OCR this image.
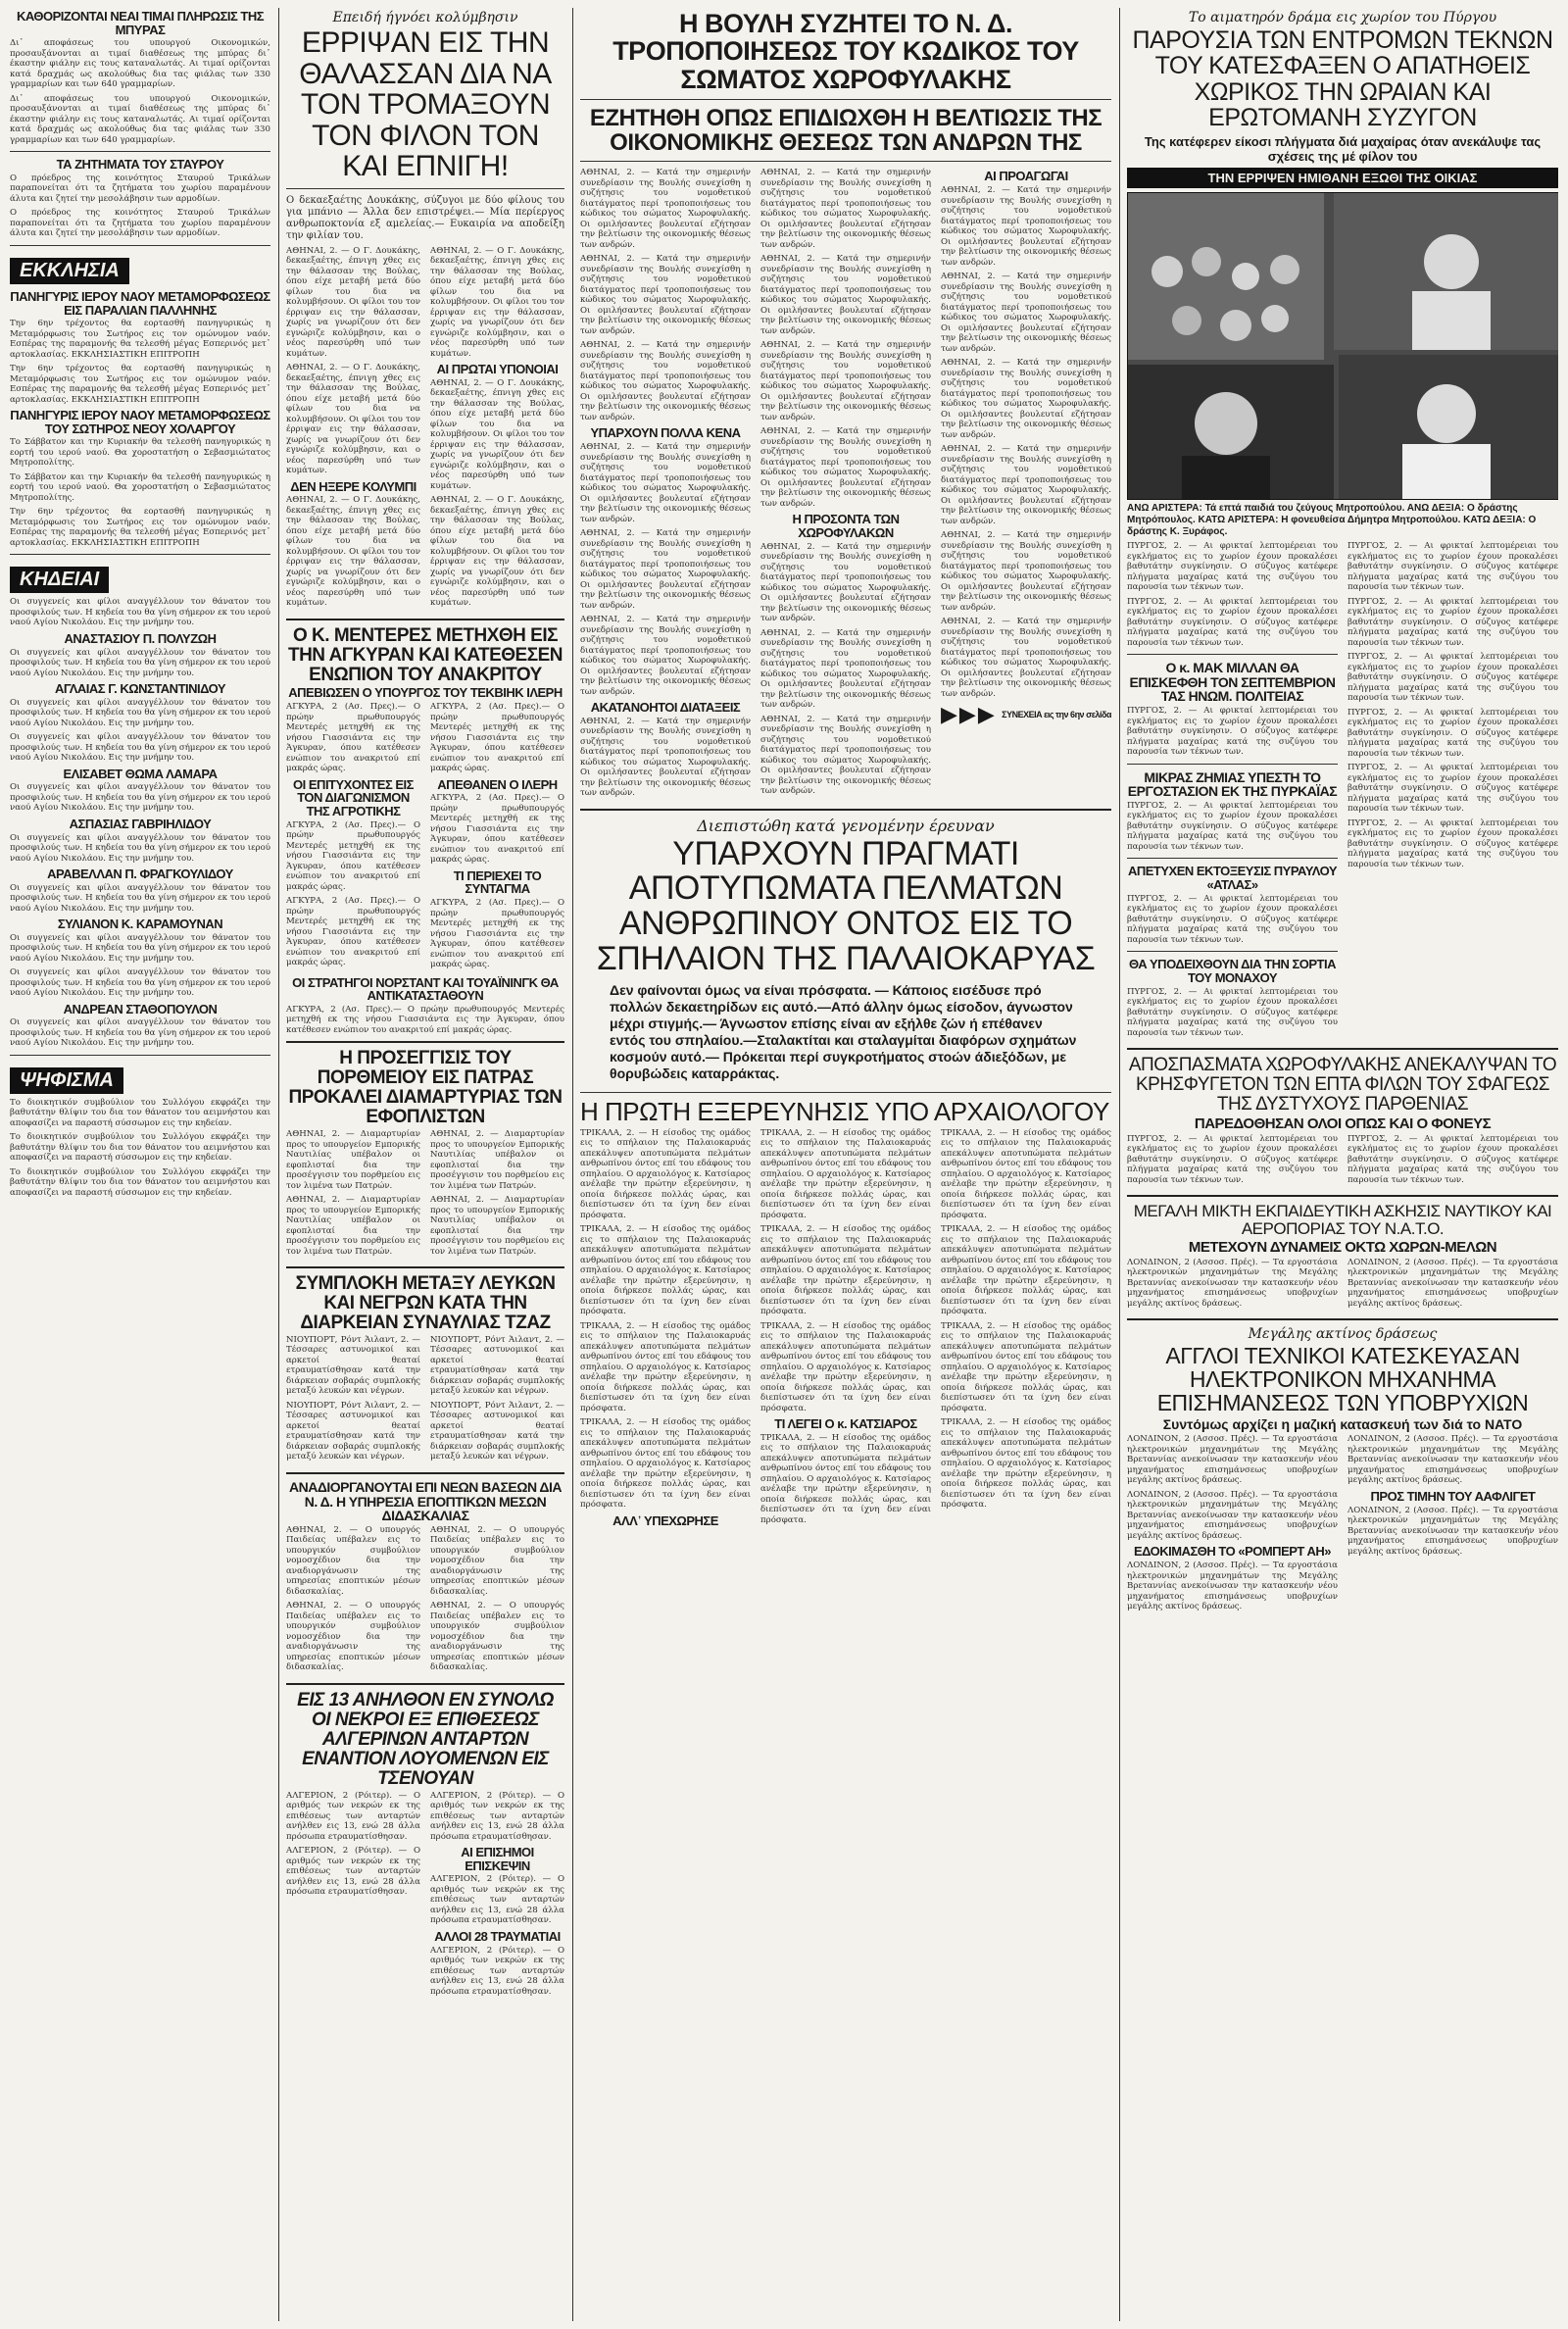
ΚΑΘΟΡΙΖΟΝΤΑΙ ΝΕΑΙ ΤΙΜΑΙ ΠΛΗΡΩΣΙΣ ΤΗΣ ΜΠΥΡΑΣ

Δι᾽ αποφάσεως του υπουργού Οικονομικών, προσαυξάνονται αι τιμαί διαθέσεως της μπύρας δι᾽ έκαστην φιάλην εις τους καταναλωτάς. Αι τιμαί ορίζονται κατά δραχμάς ως ακολούθως δια τας φιάλας των 330 γραμμαρίων και των 640 γραμμαρίων.

Δι᾽ αποφάσεως του υπουργού Οικονομικών, προσαυξάνονται αι τιμαί διαθέσεως της μπύρας δι᾽ έκαστην φιάλην εις τους καταναλωτάς. Αι τιμαί ορίζονται κατά δραχμάς ως ακολούθως δια τας φιάλας των 330 γραμμαρίων και των 640 γραμμαρίων.

ΤΑ ΖΗΤΗΜΑΤΑ ΤΟΥ ΣΤΑΥΡΟΥ

Ο πρόεδρος της κοινότητος Σταυρού Τρικάλων παραπονείται ότι τα ζητήματα του χωρίου παραμένουν άλυτα και ζητεί την μεσολάβησιν των αρμοδίων.

Ο πρόεδρος της κοινότητος Σταυρού Τρικάλων παραπονείται ότι τα ζητήματα του χωρίου παραμένουν άλυτα και ζητεί την μεσολάβησιν των αρμοδίων.

ΕΚΚΛΗΣΙΑ
ΠΑΝΗΓΥΡΙΣ ΙΕΡΟΥ ΝΑΟΥ ΜΕΤΑΜΟΡΦΩΣΕΩΣ ΕΙΣ ΠΑΡΑΛΙΑΝ ΠΑΛΛΗΝΗΣ

Την 6ην τρέχοντος θα εορτασθή πανηγυρικώς η Μεταμόρφωσις του Σωτήρος εις τον ομώνυμον ναόν. Εσπέρας της παραμονής θα τελεσθή μέγας Εσπερινός μετ᾽ αρτοκλασίας. ΕΚΚΛΗΣΙΑΣΤΙΚΗ ΕΠΙΤΡΟΠΗ

Την 6ην τρέχοντος θα εορτασθή πανηγυρικώς η Μεταμόρφωσις του Σωτήρος εις τον ομώνυμον ναόν. Εσπέρας της παραμονής θα τελεσθή μέγας Εσπερινός μετ᾽ αρτοκλασίας. ΕΚΚΛΗΣΙΑΣΤΙΚΗ ΕΠΙΤΡΟΠΗ

ΠΑΝΗΓΥΡΙΣ ΙΕΡΟΥ ΝΑΟΥ ΜΕΤΑΜΟΡΦΩΣΕΩΣ ΤΟΥ ΣΩΤΗΡΟΣ ΝΕΟΥ ΧΟΛΑΡΓΟΥ

Το Σάββατον και την Κυριακήν θα τελεσθή πανηγυρικώς η εορτή του ιερού ναού. Θα χοροστατήση ο Σεβασμιώτατος Μητροπολίτης.

Το Σάββατον και την Κυριακήν θα τελεσθή πανηγυρικώς η εορτή του ιερού ναού. Θα χοροστατήση ο Σεβασμιώτατος Μητροπολίτης.

Την 6ην τρέχοντος θα εορτασθή πανηγυρικώς η Μεταμόρφωσις του Σωτήρος εις τον ομώνυμον ναόν. Εσπέρας της παραμονής θα τελεσθή μέγας Εσπερινός μετ᾽ αρτοκλασίας. ΕΚΚΛΗΣΙΑΣΤΙΚΗ ΕΠΙΤΡΟΠΗ

ΚΗΔΕΙΑΙ

Οι συγγενείς και φίλοι αναγγέλλουν τον θάνατον του προσφιλούς των. Η κηδεία του θα γίνη σήμερον εκ του ιερού ναού Αγίου Νικολάου. Εις την μνήμην του.

ΑΝΑΣΤΑΣΙΟΥ Π. ΠΟΛΥΖΩΗ

Οι συγγενείς και φίλοι αναγγέλλουν τον θάνατον του προσφιλούς των. Η κηδεία του θα γίνη σήμερον εκ του ιερού ναού Αγίου Νικολάου. Εις την μνήμην του.

ΑΓΛΑΙΑΣ Γ. ΚΩΝΣΤΑΝΤΙΝΙΔΟΥ

Οι συγγενείς και φίλοι αναγγέλλουν τον θάνατον του προσφιλούς των. Η κηδεία του θα γίνη σήμερον εκ του ιερού ναού Αγίου Νικολάου. Εις την μνήμην του.

Οι συγγενείς και φίλοι αναγγέλλουν τον θάνατον του προσφιλούς των. Η κηδεία του θα γίνη σήμερον εκ του ιερού ναού Αγίου Νικολάου. Εις την μνήμην του.

ΕΛΙΣΑΒΕΤ ΘΩΜΑ ΛΑΜΑΡΑ

Οι συγγενείς και φίλοι αναγγέλλουν τον θάνατον του προσφιλούς των. Η κηδεία του θα γίνη σήμερον εκ του ιερού ναού Αγίου Νικολάου. Εις την μνήμην του.

ΑΣΠΑΣΙΑΣ ΓΑΒΡΙΗΛΙΔΟΥ

Οι συγγενείς και φίλοι αναγγέλλουν τον θάνατον του προσφιλούς των. Η κηδεία του θα γίνη σήμερον εκ του ιερού ναού Αγίου Νικολάου. Εις την μνήμην του.

ΑΡΑΒΕΛΛΑΝ Π. ΦΡΑΓΚΟΥΛΙΔΟΥ

Οι συγγενείς και φίλοι αναγγέλλουν τον θάνατον του προσφιλούς των. Η κηδεία του θα γίνη σήμερον εκ του ιερού ναού Αγίου Νικολάου. Εις την μνήμην του.

ΣΥΛΙΑΝΟΝ Κ. ΚΑΡΑΜΟΥΝΑΝ

Οι συγγενείς και φίλοι αναγγέλλουν τον θάνατον του προσφιλούς των. Η κηδεία του θα γίνη σήμερον εκ του ιερού ναού Αγίου Νικολάου. Εις την μνήμην του.

Οι συγγενείς και φίλοι αναγγέλλουν τον θάνατον του προσφιλούς των. Η κηδεία του θα γίνη σήμερον εκ του ιερού ναού Αγίου Νικολάου. Εις την μνήμην του.

ΑΝΔΡΕΑΝ ΣΤΑΘΟΠΟΥΛΟΝ

Οι συγγενείς και φίλοι αναγγέλλουν τον θάνατον του προσφιλούς των. Η κηδεία του θα γίνη σήμερον εκ του ιερού ναού Αγίου Νικολάου. Εις την μνήμην του.

ΨΗΦΙΣΜΑ

Το διοικητικόν συμβούλιον του Συλλόγου εκφράζει την βαθυτάτην θλίψιν του δια τον θάνατον του αειμνήστου και αποφασίζει να παραστή σύσσωμον εις την κηδείαν.

Το διοικητικόν συμβούλιον του Συλλόγου εκφράζει την βαθυτάτην θλίψιν του δια τον θάνατον του αειμνήστου και αποφασίζει να παραστή σύσσωμον εις την κηδείαν.

Το διοικητικόν συμβούλιον του Συλλόγου εκφράζει την βαθυτάτην θλίψιν του δια τον θάνατον του αειμνήστου και αποφασίζει να παραστή σύσσωμον εις την κηδείαν.

Επειδή ήγνόει κολύμβησιν
ΕΡΡΙΨΑΝ ΕΙΣ ΤΗΝ ΘΑΛΑΣΣΑΝ ΔΙΑ ΝΑ ΤΟΝ ΤΡΟΜΑΞΟΥΝ ΤΟΝ ΦΙΛΟΝ ΤΟΝ ΚΑΙ ΕΠΝΙΓΗ!

Ο δεκαεξαέτης Δουκάκης, σύζυγοι με δύο φίλους του για μπάνιο — Άλλα δεν επιστρέψει.— Μία περίεργος ανθρωποκτονία εξ αμελείας.— Ευκαιρία να αποδείξη την φιλίαν του.

ΑΘΗΝΑΙ, 2. — Ο Γ. Δουκάκης, δεκαεξαέτης, έπνιγη χθες εις την θάλασσαν της Βούλας, όπου είχε μεταβή μετά δύο φίλων του δια να κολυμβήσουν. Οι φίλοι του τον έρριψαν εις την θάλασσαν, χωρίς να γνωρίζουν ότι δεν εγνώριζε κολύμβησιν, και ο νέος παρεσύρθη υπό των κυμάτων.

ΑΘΗΝΑΙ, 2. — Ο Γ. Δουκάκης, δεκαεξαέτης, έπνιγη χθες εις την θάλασσαν της Βούλας, όπου είχε μεταβή μετά δύο φίλων του δια να κολυμβήσουν. Οι φίλοι του τον έρριψαν εις την θάλασσαν, χωρίς να γνωρίζουν ότι δεν εγνώριζε κολύμβησιν, και ο νέος παρεσύρθη υπό των κυμάτων.

ΔΕΝ ΗΞΕΡΕ ΚΟΛΥΜΠΙ

ΑΘΗΝΑΙ, 2. — Ο Γ. Δουκάκης, δεκαεξαέτης, έπνιγη χθες εις την θάλασσαν της Βούλας, όπου είχε μεταβή μετά δύο φίλων του δια να κολυμβήσουν. Οι φίλοι του τον έρριψαν εις την θάλασσαν, χωρίς να γνωρίζουν ότι δεν εγνώριζε κολύμβησιν, και ο νέος παρεσύρθη υπό των κυμάτων.

ΑΘΗΝΑΙ, 2. — Ο Γ. Δουκάκης, δεκαεξαέτης, έπνιγη χθες εις την θάλασσαν της Βούλας, όπου είχε μεταβή μετά δύο φίλων του δια να κολυμβήσουν. Οι φίλοι του τον έρριψαν εις την θάλασσαν, χωρίς να γνωρίζουν ότι δεν εγνώριζε κολύμβησιν, και ο νέος παρεσύρθη υπό των κυμάτων.

ΑΙ ΠΡΩΤΑΙ ΥΠΟΝΟΙΑΙ

ΑΘΗΝΑΙ, 2. — Ο Γ. Δουκάκης, δεκαεξαέτης, έπνιγη χθες εις την θάλασσαν της Βούλας, όπου είχε μεταβή μετά δύο φίλων του δια να κολυμβήσουν. Οι φίλοι του τον έρριψαν εις την θάλασσαν, χωρίς να γνωρίζουν ότι δεν εγνώριζε κολύμβησιν, και ο νέος παρεσύρθη υπό των κυμάτων.

ΑΘΗΝΑΙ, 2. — Ο Γ. Δουκάκης, δεκαεξαέτης, έπνιγη χθες εις την θάλασσαν της Βούλας, όπου είχε μεταβή μετά δύο φίλων του δια να κολυμβήσουν. Οι φίλοι του τον έρριψαν εις την θάλασσαν, χωρίς να γνωρίζουν ότι δεν εγνώριζε κολύμβησιν, και ο νέος παρεσύρθη υπό των κυμάτων.

Ο Κ. ΜΕΝΤΕΡΕΣ ΜΕΤΗΧΘΗ ΕΙΣ ΤΗΝ ΑΓΚΥΡΑΝ ΚΑΙ ΚΑΤΕΘΕΣΕΝ ΕΝΩΠΙΟΝ ΤΟΥ ΑΝΑΚΡΙΤΟΥ
ΑΠΕΒΙΩΣΕΝ Ο ΥΠΟΥΡΓΟΣ ΤΟΥ ΤΕΚΒΙΗΚ ΙΛΕΡΗ

ΑΓΚΥΡΑ, 2 (Ασ. Πρες).— Ο πρώην πρωθυπουργός Μεντερές μετηχθή εκ της νήσου Γιασσιάντα εις την Άγκυραν, όπου κατέθεσεν ενώπιον του ανακριτού επί μακράς ώρας.

ΟΙ ΕΠΙΤΥΧΟΝΤΕΣ ΕΙΣ ΤΟΝ ΔΙΑΓΩΝΙΣΜΟΝ ΤΗΣ ΑΓΡΟΤΙΚΗΣ

ΑΓΚΥΡΑ, 2 (Ασ. Πρες).— Ο πρώην πρωθυπουργός Μεντερές μετηχθή εκ της νήσου Γιασσιάντα εις την Άγκυραν, όπου κατέθεσεν ενώπιον του ανακριτού επί μακράς ώρας.

ΑΓΚΥΡΑ, 2 (Ασ. Πρες).— Ο πρώην πρωθυπουργός Μεντερές μετηχθή εκ της νήσου Γιασσιάντα εις την Άγκυραν, όπου κατέθεσεν ενώπιον του ανακριτού επί μακράς ώρας.

ΑΓΚΥΡΑ, 2 (Ασ. Πρες).— Ο πρώην πρωθυπουργός Μεντερές μετηχθή εκ της νήσου Γιασσιάντα εις την Άγκυραν, όπου κατέθεσεν ενώπιον του ανακριτού επί μακράς ώρας.

ΑΠΕΘΑΝΕΝ Ο ΙΛΕΡΗ

ΑΓΚΥΡΑ, 2 (Ασ. Πρες).— Ο πρώην πρωθυπουργός Μεντερές μετηχθή εκ της νήσου Γιασσιάντα εις την Άγκυραν, όπου κατέθεσεν ενώπιον του ανακριτού επί μακράς ώρας.

ΤΙ ΠΕΡΙΕΧΕΙ ΤΟ ΣΥΝΤΑΓΜΑ

ΑΓΚΥΡΑ, 2 (Ασ. Πρες).— Ο πρώην πρωθυπουργός Μεντερές μετηχθή εκ της νήσου Γιασσιάντα εις την Άγκυραν, όπου κατέθεσεν ενώπιον του ανακριτού επί μακράς ώρας.

ΟΙ ΣΤΡΑΤΗΓΟΙ ΝΟΡΣΤΑΝΤ ΚΑΙ ΤΟΥΑΪΝΙΝΓΚ ΘΑ ΑΝΤΙΚΑΤΑΣΤΑΘΟΥΝ

ΑΓΚΥΡΑ, 2 (Ασ. Πρες).— Ο πρώην πρωθυπουργός Μεντερές μετηχθή εκ της νήσου Γιασσιάντα εις την Άγκυραν, όπου κατέθεσεν ενώπιον του ανακριτού επί μακράς ώρας.

Η ΠΡΟΣΕΓΓΙΣΙΣ ΤΟΥ ΠΟΡΘΜΕΙΟΥ ΕΙΣ ΠΑΤΡΑΣ ΠΡΟΚΑΛΕΙ ΔΙΑΜΑΡΤΥΡΙΑΣ ΤΩΝ ΕΦΟΠΛΙΣΤΩΝ

ΑΘΗΝΑΙ, 2. — Διαμαρτυρίαν προς το υπουργείον Εμπορικής Ναυτιλίας υπέβαλον οι εφοπλισταί δια την προσέγγισιν του πορθμείου εις τον λιμένα των Πατρών.

ΑΘΗΝΑΙ, 2. — Διαμαρτυρίαν προς το υπουργείον Εμπορικής Ναυτιλίας υπέβαλον οι εφοπλισταί δια την προσέγγισιν του πορθμείου εις τον λιμένα των Πατρών.

ΑΘΗΝΑΙ, 2. — Διαμαρτυρίαν προς το υπουργείον Εμπορικής Ναυτιλίας υπέβαλον οι εφοπλισταί δια την προσέγγισιν του πορθμείου εις τον λιμένα των Πατρών.

ΑΘΗΝΑΙ, 2. — Διαμαρτυρίαν προς το υπουργείον Εμπορικής Ναυτιλίας υπέβαλον οι εφοπλισταί δια την προσέγγισιν του πορθμείου εις τον λιμένα των Πατρών.

ΣΥΜΠΛΟΚΗ ΜΕΤΑΞΥ ΛΕΥΚΩΝ ΚΑΙ ΝΕΓΡΩΝ ΚΑΤΑ ΤΗΝ ΔΙΑΡΚΕΙΑΝ ΣΥΝΑΥΛΙΑΣ ΤΖΑΖ

ΝΙΟΥΠΟΡΤ, Ρόντ Άιλαντ, 2. — Τέσσαρες αστυνομικοί και αρκετοί θεαταί ετραυματίσθησαν κατά την διάρκειαν σοβαράς συμπλοκής μεταξύ λευκών και νέγρων.

ΝΙΟΥΠΟΡΤ, Ρόντ Άιλαντ, 2. — Τέσσαρες αστυνομικοί και αρκετοί θεαταί ετραυματίσθησαν κατά την διάρκειαν σοβαράς συμπλοκής μεταξύ λευκών και νέγρων.

ΝΙΟΥΠΟΡΤ, Ρόντ Άιλαντ, 2. — Τέσσαρες αστυνομικοί και αρκετοί θεαταί ετραυματίσθησαν κατά την διάρκειαν σοβαράς συμπλοκής μεταξύ λευκών και νέγρων.

ΝΙΟΥΠΟΡΤ, Ρόντ Άιλαντ, 2. — Τέσσαρες αστυνομικοί και αρκετοί θεαταί ετραυματίσθησαν κατά την διάρκειαν σοβαράς συμπλοκής μεταξύ λευκών και νέγρων.

ΑΝΑΔΙΟΡΓΑΝΟΥΤΑΙ ΕΠΙ ΝΕΩΝ ΒΑΣΕΩΝ ΔΙΑ Ν. Δ. Η ΥΠΗΡΕΣΙΑ ΕΠΟΠΤΙΚΩΝ ΜΕΣΩΝ ΔΙΔΑΣΚΑΛΙΑΣ

ΑΘΗΝΑΙ, 2. — Ο υπουργός Παιδείας υπέβαλεν εις το υπουργικόν συμβούλιον νομοσχέδιον δια την αναδιοργάνωσιν της υπηρεσίας εποπτικών μέσων διδασκαλίας.

ΑΘΗΝΑΙ, 2. — Ο υπουργός Παιδείας υπέβαλεν εις το υπουργικόν συμβούλιον νομοσχέδιον δια την αναδιοργάνωσιν της υπηρεσίας εποπτικών μέσων διδασκαλίας.

ΑΘΗΝΑΙ, 2. — Ο υπουργός Παιδείας υπέβαλεν εις το υπουργικόν συμβούλιον νομοσχέδιον δια την αναδιοργάνωσιν της υπηρεσίας εποπτικών μέσων διδασκαλίας.

ΑΘΗΝΑΙ, 2. — Ο υπουργός Παιδείας υπέβαλεν εις το υπουργικόν συμβούλιον νομοσχέδιον δια την αναδιοργάνωσιν της υπηρεσίας εποπτικών μέσων διδασκαλίας.

ΕΙΣ 13 ΑΝΗΛΘΟΝ ΕΝ ΣΥΝΟΛΩ ΟΙ ΝΕΚΡΟΙ ΕΞ ΕΠΙΘΕΣΕΩΣ ΑΛΓΕΡΙΝΩΝ ΑΝΤΑΡΤΩΝ ΕΝΑΝΤΙΟΝ ΛΟΥΟΜΕΝΩΝ ΕΙΣ ΤΣΕΝΟΥΑΝ

ΑΛΓΕΡΙΟΝ, 2 (Ρόιτερ). — Ο αριθμός των νεκρών εκ της επιθέσεως των ανταρτών ανήλθεν εις 13, ενώ 28 άλλα πρόσωπα ετραυματίσθησαν.

ΑΛΓΕΡΙΟΝ, 2 (Ρόιτερ). — Ο αριθμός των νεκρών εκ της επιθέσεως των ανταρτών ανήλθεν εις 13, ενώ 28 άλλα πρόσωπα ετραυματίσθησαν.

ΑΛΓΕΡΙΟΝ, 2 (Ρόιτερ). — Ο αριθμός των νεκρών εκ της επιθέσεως των ανταρτών ανήλθεν εις 13, ενώ 28 άλλα πρόσωπα ετραυματίσθησαν.

ΑΙ ΕΠΙΣΗΜΟΙ ΕΠΙΣΚΕΨΙΝ

ΑΛΓΕΡΙΟΝ, 2 (Ρόιτερ). — Ο αριθμός των νεκρών εκ της επιθέσεως των ανταρτών ανήλθεν εις 13, ενώ 28 άλλα πρόσωπα ετραυματίσθησαν.

ΑΛΛΟΙ 28 ΤΡΑΥΜΑΤΙΑΙ

ΑΛΓΕΡΙΟΝ, 2 (Ρόιτερ). — Ο αριθμός των νεκρών εκ της επιθέσεως των ανταρτών ανήλθεν εις 13, ενώ 28 άλλα πρόσωπα ετραυματίσθησαν.

Η ΒΟΥΛΗ ΣΥΖΗΤΕΙ ΤΟ Ν. Δ. ΤΡΟΠΟΠΟΙΗΣΕΩΣ ΤΟΥ ΚΩΔΙΚΟΣ ΤΟΥ ΣΩΜΑΤΟΣ ΧΩΡΟΦΥΛΑΚΗΣ
ΕΖΗΤΗΘΗ ΟΠΩΣ ΕΠΙΔΙΩΧΘΗ Η ΒΕΛΤΙΩΣΙΣ ΤΗΣ ΟΙΚΟΝΟΜΙΚΗΣ ΘΕΣΕΩΣ ΤΩΝ ΑΝΔΡΩΝ ΤΗΣ

ΑΘΗΝΑΙ, 2. — Κατά την σημερινήν συνεδρίασιν της Βουλής συνεχίσθη η συζήτησις του νομοθετικού διατάγματος περί τροποποιήσεως του κώδικος του σώματος Χωροφυλακής. Οι ομιλήσαντες βουλευταί εζήτησαν την βελτίωσιν της οικονομικής θέσεως των ανδρών.

ΑΘΗΝΑΙ, 2. — Κατά την σημερινήν συνεδρίασιν της Βουλής συνεχίσθη η συζήτησις του νομοθετικού διατάγματος περί τροποποιήσεως του κώδικος του σώματος Χωροφυλακής. Οι ομιλήσαντες βουλευταί εζήτησαν την βελτίωσιν της οικονομικής θέσεως των ανδρών.

ΑΘΗΝΑΙ, 2. — Κατά την σημερινήν συνεδρίασιν της Βουλής συνεχίσθη η συζήτησις του νομοθετικού διατάγματος περί τροποποιήσεως του κώδικος του σώματος Χωροφυλακής. Οι ομιλήσαντες βουλευταί εζήτησαν την βελτίωσιν της οικονομικής θέσεως των ανδρών.

ΥΠΑΡΧΟΥΝ ΠΟΛΛΑ ΚΕΝΑ

ΑΘΗΝΑΙ, 2. — Κατά την σημερινήν συνεδρίασιν της Βουλής συνεχίσθη η συζήτησις του νομοθετικού διατάγματος περί τροποποιήσεως του κώδικος του σώματος Χωροφυλακής. Οι ομιλήσαντες βουλευταί εζήτησαν την βελτίωσιν της οικονομικής θέσεως των ανδρών.

ΑΘΗΝΑΙ, 2. — Κατά την σημερινήν συνεδρίασιν της Βουλής συνεχίσθη η συζήτησις του νομοθετικού διατάγματος περί τροποποιήσεως του κώδικος του σώματος Χωροφυλακής. Οι ομιλήσαντες βουλευταί εζήτησαν την βελτίωσιν της οικονομικής θέσεως των ανδρών.

ΑΘΗΝΑΙ, 2. — Κατά την σημερινήν συνεδρίασιν της Βουλής συνεχίσθη η συζήτησις του νομοθετικού διατάγματος περί τροποποιήσεως του κώδικος του σώματος Χωροφυλακής. Οι ομιλήσαντες βουλευταί εζήτησαν την βελτίωσιν της οικονομικής θέσεως των ανδρών.

ΑΚΑΤΑΝΟΗΤΟΙ ΔΙΑΤΑΞΕΙΣ

ΑΘΗΝΑΙ, 2. — Κατά την σημερινήν συνεδρίασιν της Βουλής συνεχίσθη η συζήτησις του νομοθετικού διατάγματος περί τροποποιήσεως του κώδικος του σώματος Χωροφυλακής. Οι ομιλήσαντες βουλευταί εζήτησαν την βελτίωσιν της οικονομικής θέσεως των ανδρών.

ΑΘΗΝΑΙ, 2. — Κατά την σημερινήν συνεδρίασιν της Βουλής συνεχίσθη η συζήτησις του νομοθετικού διατάγματος περί τροποποιήσεως του κώδικος του σώματος Χωροφυλακής. Οι ομιλήσαντες βουλευταί εζήτησαν την βελτίωσιν της οικονομικής θέσεως των ανδρών.

ΑΘΗΝΑΙ, 2. — Κατά την σημερινήν συνεδρίασιν της Βουλής συνεχίσθη η συζήτησις του νομοθετικού διατάγματος περί τροποποιήσεως του κώδικος του σώματος Χωροφυλακής. Οι ομιλήσαντες βουλευταί εζήτησαν την βελτίωσιν της οικονομικής θέσεως των ανδρών.

ΑΘΗΝΑΙ, 2. — Κατά την σημερινήν συνεδρίασιν της Βουλής συνεχίσθη η συζήτησις του νομοθετικού διατάγματος περί τροποποιήσεως του κώδικος του σώματος Χωροφυλακής. Οι ομιλήσαντες βουλευταί εζήτησαν την βελτίωσιν της οικονομικής θέσεως των ανδρών.

ΑΘΗΝΑΙ, 2. — Κατά την σημερινήν συνεδρίασιν της Βουλής συνεχίσθη η συζήτησις του νομοθετικού διατάγματος περί τροποποιήσεως του κώδικος του σώματος Χωροφυλακής. Οι ομιλήσαντες βουλευταί εζήτησαν την βελτίωσιν της οικονομικής θέσεως των ανδρών.

Η ΠΡΟΣΟΝΤΑ ΤΩΝ ΧΩΡΟΦΥΛΑΚΩΝ

ΑΘΗΝΑΙ, 2. — Κατά την σημερινήν συνεδρίασιν της Βουλής συνεχίσθη η συζήτησις του νομοθετικού διατάγματος περί τροποποιήσεως του κώδικος του σώματος Χωροφυλακής. Οι ομιλήσαντες βουλευταί εζήτησαν την βελτίωσιν της οικονομικής θέσεως των ανδρών.

ΑΘΗΝΑΙ, 2. — Κατά την σημερινήν συνεδρίασιν της Βουλής συνεχίσθη η συζήτησις του νομοθετικού διατάγματος περί τροποποιήσεως του κώδικος του σώματος Χωροφυλακής. Οι ομιλήσαντες βουλευταί εζήτησαν την βελτίωσιν της οικονομικής θέσεως των ανδρών.

ΑΘΗΝΑΙ, 2. — Κατά την σημερινήν συνεδρίασιν της Βουλής συνεχίσθη η συζήτησις του νομοθετικού διατάγματος περί τροποποιήσεως του κώδικος του σώματος Χωροφυλακής. Οι ομιλήσαντες βουλευταί εζήτησαν την βελτίωσιν της οικονομικής θέσεως των ανδρών.

ΑΙ ΠΡΟΑΓΩΓΑΙ

ΑΘΗΝΑΙ, 2. — Κατά την σημερινήν συνεδρίασιν της Βουλής συνεχίσθη η συζήτησις του νομοθετικού διατάγματος περί τροποποιήσεως του κώδικος του σώματος Χωροφυλακής. Οι ομιλήσαντες βουλευταί εζήτησαν την βελτίωσιν της οικονομικής θέσεως των ανδρών.

ΑΘΗΝΑΙ, 2. — Κατά την σημερινήν συνεδρίασιν της Βουλής συνεχίσθη η συζήτησις του νομοθετικού διατάγματος περί τροποποιήσεως του κώδικος του σώματος Χωροφυλακής. Οι ομιλήσαντες βουλευταί εζήτησαν την βελτίωσιν της οικονομικής θέσεως των ανδρών.

ΑΘΗΝΑΙ, 2. — Κατά την σημερινήν συνεδρίασιν της Βουλής συνεχίσθη η συζήτησις του νομοθετικού διατάγματος περί τροποποιήσεως του κώδικος του σώματος Χωροφυλακής. Οι ομιλήσαντες βουλευταί εζήτησαν την βελτίωσιν της οικονομικής θέσεως των ανδρών.

ΑΘΗΝΑΙ, 2. — Κατά την σημερινήν συνεδρίασιν της Βουλής συνεχίσθη η συζήτησις του νομοθετικού διατάγματος περί τροποποιήσεως του κώδικος του σώματος Χωροφυλακής. Οι ομιλήσαντες βουλευταί εζήτησαν την βελτίωσιν της οικονομικής θέσεως των ανδρών.

ΑΘΗΝΑΙ, 2. — Κατά την σημερινήν συνεδρίασιν της Βουλής συνεχίσθη η συζήτησις του νομοθετικού διατάγματος περί τροποποιήσεως του κώδικος του σώματος Χωροφυλακής. Οι ομιλήσαντες βουλευταί εζήτησαν την βελτίωσιν της οικονομικής θέσεως των ανδρών.

ΑΘΗΝΑΙ, 2. — Κατά την σημερινήν συνεδρίασιν της Βουλής συνεχίσθη η συζήτησις του νομοθετικού διατάγματος περί τροποποιήσεως του κώδικος του σώματος Χωροφυλακής. Οι ομιλήσαντες βουλευταί εζήτησαν την βελτίωσιν της οικονομικής θέσεως των ανδρών.

▶▶▶ ΣΥΝΕΧΕΙΑ εις την 6ην σελίδα
Διεπιστώθη κατά γενομένην έρευναν
ΥΠΑΡΧΟΥΝ ΠΡΑΓΜΑΤΙ ΑΠΟΤΥΠΩΜΑΤΑ ΠΕΛΜΑΤΩΝ ΑΝΘΡΩΠΙΝΟΥ ΟΝΤΟΣ ΕΙΣ ΤΟ ΣΠΗΛΑΙΟΝ ΤΗΣ ΠΑΛΑΙΟΚΑΡΥΑΣ
Δεν φαίνονται όμως να είναι πρόσφατα. — Κάποιος εισέδυσε πρό πολλών δεκαετηρίδων εις αυτό.—Από άλλην όμως είσοδον, άγνωστον μέχρι στιγμής.— Άγνωστον επίσης είναι αν εξήλθε ζών ή επέθανεν εντός του σπηλαίου.—Σταλακτίται και σταλαγμίται διαφόρων σχημάτων κοσμούν αυτό.— Πρόκειται περί συγκροτήματος στοών άδιεξόδων, με θορυβώδεις καταρράκτας.
Η ΠΡΩΤΗ ΕΞΕΡΕΥΝΗΣΙΣ ΥΠΟ ΑΡΧΑΙΟΛΟΓΟΥ

ΤΡΙΚΑΛΑ, 2. — Η είσοδος της ομάδος εις το σπήλαιον της Παλαιοκαρυάς απεκάλυψεν αποτυπώματα πελμάτων ανθρωπίνου όντος επί του εδάφους του σπηλαίου. Ο αρχαιολόγος κ. Κατσίαρος ανέλαβε την πρώτην εξερεύνησιν, η οποία διήρκεσε πολλάς ώρας, και διεπίστωσεν ότι τα ίχνη δεν είναι πρόσφατα.

ΤΡΙΚΑΛΑ, 2. — Η είσοδος της ομάδος εις το σπήλαιον της Παλαιοκαρυάς απεκάλυψεν αποτυπώματα πελμάτων ανθρωπίνου όντος επί του εδάφους του σπηλαίου. Ο αρχαιολόγος κ. Κατσίαρος ανέλαβε την πρώτην εξερεύνησιν, η οποία διήρκεσε πολλάς ώρας, και διεπίστωσεν ότι τα ίχνη δεν είναι πρόσφατα.

ΤΡΙΚΑΛΑ, 2. — Η είσοδος της ομάδος εις το σπήλαιον της Παλαιοκαρυάς απεκάλυψεν αποτυπώματα πελμάτων ανθρωπίνου όντος επί του εδάφους του σπηλαίου. Ο αρχαιολόγος κ. Κατσίαρος ανέλαβε την πρώτην εξερεύνησιν, η οποία διήρκεσε πολλάς ώρας, και διεπίστωσεν ότι τα ίχνη δεν είναι πρόσφατα.

ΤΡΙΚΑΛΑ, 2. — Η είσοδος της ομάδος εις το σπήλαιον της Παλαιοκαρυάς απεκάλυψεν αποτυπώματα πελμάτων ανθρωπίνου όντος επί του εδάφους του σπηλαίου. Ο αρχαιολόγος κ. Κατσίαρος ανέλαβε την πρώτην εξερεύνησιν, η οποία διήρκεσε πολλάς ώρας, και διεπίστωσεν ότι τα ίχνη δεν είναι πρόσφατα.

ΑΛΛ᾽ ΥΠΕΧΩΡΗΣΕ

ΤΡΙΚΑΛΑ, 2. — Η είσοδος της ομάδος εις το σπήλαιον της Παλαιοκαρυάς απεκάλυψεν αποτυπώματα πελμάτων ανθρωπίνου όντος επί του εδάφους του σπηλαίου. Ο αρχαιολόγος κ. Κατσίαρος ανέλαβε την πρώτην εξερεύνησιν, η οποία διήρκεσε πολλάς ώρας, και διεπίστωσεν ότι τα ίχνη δεν είναι πρόσφατα.

ΤΡΙΚΑΛΑ, 2. — Η είσοδος της ομάδος εις το σπήλαιον της Παλαιοκαρυάς απεκάλυψεν αποτυπώματα πελμάτων ανθρωπίνου όντος επί του εδάφους του σπηλαίου. Ο αρχαιολόγος κ. Κατσίαρος ανέλαβε την πρώτην εξερεύνησιν, η οποία διήρκεσε πολλάς ώρας, και διεπίστωσεν ότι τα ίχνη δεν είναι πρόσφατα.

ΤΡΙΚΑΛΑ, 2. — Η είσοδος της ομάδος εις το σπήλαιον της Παλαιοκαρυάς απεκάλυψεν αποτυπώματα πελμάτων ανθρωπίνου όντος επί του εδάφους του σπηλαίου. Ο αρχαιολόγος κ. Κατσίαρος ανέλαβε την πρώτην εξερεύνησιν, η οποία διήρκεσε πολλάς ώρας, και διεπίστωσεν ότι τα ίχνη δεν είναι πρόσφατα.

ΤΙ ΛΕΓΕΙ Ο κ. ΚΑΤΣΙΑΡΟΣ

ΤΡΙΚΑΛΑ, 2. — Η είσοδος της ομάδος εις το σπήλαιον της Παλαιοκαρυάς απεκάλυψεν αποτυπώματα πελμάτων ανθρωπίνου όντος επί του εδάφους του σπηλαίου. Ο αρχαιολόγος κ. Κατσίαρος ανέλαβε την πρώτην εξερεύνησιν, η οποία διήρκεσε πολλάς ώρας, και διεπίστωσεν ότι τα ίχνη δεν είναι πρόσφατα.

ΤΡΙΚΑΛΑ, 2. — Η είσοδος της ομάδος εις το σπήλαιον της Παλαιοκαρυάς απεκάλυψεν αποτυπώματα πελμάτων ανθρωπίνου όντος επί του εδάφους του σπηλαίου. Ο αρχαιολόγος κ. Κατσίαρος ανέλαβε την πρώτην εξερεύνησιν, η οποία διήρκεσε πολλάς ώρας, και διεπίστωσεν ότι τα ίχνη δεν είναι πρόσφατα.

ΤΡΙΚΑΛΑ, 2. — Η είσοδος της ομάδος εις το σπήλαιον της Παλαιοκαρυάς απεκάλυψεν αποτυπώματα πελμάτων ανθρωπίνου όντος επί του εδάφους του σπηλαίου. Ο αρχαιολόγος κ. Κατσίαρος ανέλαβε την πρώτην εξερεύνησιν, η οποία διήρκεσε πολλάς ώρας, και διεπίστωσεν ότι τα ίχνη δεν είναι πρόσφατα.

ΤΡΙΚΑΛΑ, 2. — Η είσοδος της ομάδος εις το σπήλαιον της Παλαιοκαρυάς απεκάλυψεν αποτυπώματα πελμάτων ανθρωπίνου όντος επί του εδάφους του σπηλαίου. Ο αρχαιολόγος κ. Κατσίαρος ανέλαβε την πρώτην εξερεύνησιν, η οποία διήρκεσε πολλάς ώρας, και διεπίστωσεν ότι τα ίχνη δεν είναι πρόσφατα.

ΤΡΙΚΑΛΑ, 2. — Η είσοδος της ομάδος εις το σπήλαιον της Παλαιοκαρυάς απεκάλυψεν αποτυπώματα πελμάτων ανθρωπίνου όντος επί του εδάφους του σπηλαίου. Ο αρχαιολόγος κ. Κατσίαρος ανέλαβε την πρώτην εξερεύνησιν, η οποία διήρκεσε πολλάς ώρας, και διεπίστωσεν ότι τα ίχνη δεν είναι πρόσφατα.

Το αιματηρόν δράμα εις χωρίον του Πύργου
ΠΑΡΟΥΣΙΑ ΤΩΝ ΕΝΤΡΟΜΩΝ ΤΕΚΝΩΝ ΤΟΥ ΚΑΤΕΣΦΑΞΕΝ Ο ΑΠΑΤΗΘΕΙΣ ΧΩΡΙΚΟΣ ΤΗΝ ΩΡΑΙΑΝ ΚΑΙ ΕΡΩΤΟΜΑΝΗ ΣΥΖΥΓΟΝ
Της κατέφερεν είκοσι πλήγματα διά μαχαίρας όταν ανεκάλυψε τας σχέσεις της μέ φίλον του
ΤΗΝ ΕΡΡΙΨΕΝ ΗΜΙΘΑΝΗ ΕΞΩΘΙ ΤΗΣ ΟΙΚΙΑΣ
ΑΝΩ ΑΡΙΣΤΕΡΑ: Τά επτά παιδιά του ζεύγους Μητροπούλου. ΑΝΩ ΔΕΞΙΑ: Ο δράστης Μητρόπουλος. ΚΑΤΩ ΑΡΙΣΤΕΡΑ: Η φονευθείσα Δήμητρα Μητροπούλου. ΚΑΤΩ ΔΕΞΙΑ: Ο δράστης Κ. Ξυράφος.

ΠΥΡΓΟΣ, 2. — Αι φρικταί λεπτομέρειαι του εγκλήματος εις το χωρίον έχουν προκαλέσει βαθυτάτην συγκίνησιν. Ο σύζυγος κατέφερε πλήγματα μαχαίρας κατά της συζύγου του παρουσία των τέκνων των.

ΠΥΡΓΟΣ, 2. — Αι φρικταί λεπτομέρειαι του εγκλήματος εις το χωρίον έχουν προκαλέσει βαθυτάτην συγκίνησιν. Ο σύζυγος κατέφερε πλήγματα μαχαίρας κατά της συζύγου του παρουσία των τέκνων των.

Ο κ. ΜΑΚ ΜΙΛΛΑΝ ΘΑ ΕΠΙΣΚΕΦΘΗ ΤΟΝ ΣΕΠΤΕΜΒΡΙΟΝ ΤΑΣ ΗΝΩΜ. ΠΟΛΙΤΕΙΑΣ

ΠΥΡΓΟΣ, 2. — Αι φρικταί λεπτομέρειαι του εγκλήματος εις το χωρίον έχουν προκαλέσει βαθυτάτην συγκίνησιν. Ο σύζυγος κατέφερε πλήγματα μαχαίρας κατά της συζύγου του παρουσία των τέκνων των.

ΜΙΚΡΑΣ ΖΗΜΙΑΣ ΥΠΕΣΤΗ ΤΟ ΕΡΓΟΣΤΑΣΙΟΝ ΕΚ ΤΗΣ ΠΥΡΚΑΪΑΣ

ΠΥΡΓΟΣ, 2. — Αι φρικταί λεπτομέρειαι του εγκλήματος εις το χωρίον έχουν προκαλέσει βαθυτάτην συγκίνησιν. Ο σύζυγος κατέφερε πλήγματα μαχαίρας κατά της συζύγου του παρουσία των τέκνων των.

ΑΠΕΤΥΧΕΝ ΕΚΤΟΞΕΥΣΙΣ ΠΥΡΑΥΛΟΥ «ΑΤΛΑΣ»

ΠΥΡΓΟΣ, 2. — Αι φρικταί λεπτομέρειαι του εγκλήματος εις το χωρίον έχουν προκαλέσει βαθυτάτην συγκίνησιν. Ο σύζυγος κατέφερε πλήγματα μαχαίρας κατά της συζύγου του παρουσία των τέκνων των.

ΘΑ ΥΠΟΔΕΙΧΘΟΥΝ ΔΙΑ ΤΗΝ ΣΟΡΤΙΑ ΤΟΥ ΜΟΝΑΧΟΥ

ΠΥΡΓΟΣ, 2. — Αι φρικταί λεπτομέρειαι του εγκλήματος εις το χωρίον έχουν προκαλέσει βαθυτάτην συγκίνησιν. Ο σύζυγος κατέφερε πλήγματα μαχαίρας κατά της συζύγου του παρουσία των τέκνων των.

ΠΥΡΓΟΣ, 2. — Αι φρικταί λεπτομέρειαι του εγκλήματος εις το χωρίον έχουν προκαλέσει βαθυτάτην συγκίνησιν. Ο σύζυγος κατέφερε πλήγματα μαχαίρας κατά της συζύγου του παρουσία των τέκνων των.

ΠΥΡΓΟΣ, 2. — Αι φρικταί λεπτομέρειαι του εγκλήματος εις το χωρίον έχουν προκαλέσει βαθυτάτην συγκίνησιν. Ο σύζυγος κατέφερε πλήγματα μαχαίρας κατά της συζύγου του παρουσία των τέκνων των.

ΠΥΡΓΟΣ, 2. — Αι φρικταί λεπτομέρειαι του εγκλήματος εις το χωρίον έχουν προκαλέσει βαθυτάτην συγκίνησιν. Ο σύζυγος κατέφερε πλήγματα μαχαίρας κατά της συζύγου του παρουσία των τέκνων των.

ΠΥΡΓΟΣ, 2. — Αι φρικταί λεπτομέρειαι του εγκλήματος εις το χωρίον έχουν προκαλέσει βαθυτάτην συγκίνησιν. Ο σύζυγος κατέφερε πλήγματα μαχαίρας κατά της συζύγου του παρουσία των τέκνων των.

ΠΥΡΓΟΣ, 2. — Αι φρικταί λεπτομέρειαι του εγκλήματος εις το χωρίον έχουν προκαλέσει βαθυτάτην συγκίνησιν. Ο σύζυγος κατέφερε πλήγματα μαχαίρας κατά της συζύγου του παρουσία των τέκνων των.

ΠΥΡΓΟΣ, 2. — Αι φρικταί λεπτομέρειαι του εγκλήματος εις το χωρίον έχουν προκαλέσει βαθυτάτην συγκίνησιν. Ο σύζυγος κατέφερε πλήγματα μαχαίρας κατά της συζύγου του παρουσία των τέκνων των.

ΑΠΟΣΠΑΣΜΑΤΑ ΧΩΡΟΦΥΛΑΚΗΣ ΑΝΕΚΑΛΥΨΑΝ ΤΟ ΚΡΗΣΦΥΓΕΤΟΝ ΤΩΝ ΕΠΤΑ ΦΙΛΩΝ ΤΟΥ ΣΦΑΓΕΩΣ ΤΗΣ ΔΥΣΤΥΧΟΥΣ ΠΑΡΘΕΝΙΑΣ
ΠΑΡΕΔΟΘΗΣΑΝ ΟΛΟΙ ΟΠΩΣ ΚΑΙ Ο ΦΟΝΕΥΣ

ΠΥΡΓΟΣ, 2. — Αι φρικταί λεπτομέρειαι του εγκλήματος εις το χωρίον έχουν προκαλέσει βαθυτάτην συγκίνησιν. Ο σύζυγος κατέφερε πλήγματα μαχαίρας κατά της συζύγου του παρουσία των τέκνων των.

ΠΥΡΓΟΣ, 2. — Αι φρικταί λεπτομέρειαι του εγκλήματος εις το χωρίον έχουν προκαλέσει βαθυτάτην συγκίνησιν. Ο σύζυγος κατέφερε πλήγματα μαχαίρας κατά της συζύγου του παρουσία των τέκνων των.

ΜΕΓΑΛΗ ΜΙΚΤΗ ΕΚΠΑΙΔΕΥΤΙΚΗ ΑΣΚΗΣΙΣ ΝΑΥΤΙΚΟΥ ΚΑΙ ΑΕΡΟΠΟΡΙΑΣ ΤΟΥ Ν.Α.Τ.Ο.
ΜΕΤΕΧΟΥΝ ΔΥΝΑΜΕΙΣ ΟΚΤΩ ΧΩΡΩΝ-ΜΕΛΩΝ

ΛΟΝΔΙΝΟΝ, 2 (Ασσοσ. Πρές). — Τα εργοστάσια ηλεκτρονικών μηχανημάτων της Μεγάλης Βρεταννίας ανεκοίνωσαν την κατασκευήν νέου μηχανήματος επισημάνσεως υποβρυχίων μεγάλης ακτίνος δράσεως.

ΛΟΝΔΙΝΟΝ, 2 (Ασσοσ. Πρές). — Τα εργοστάσια ηλεκτρονικών μηχανημάτων της Μεγάλης Βρεταννίας ανεκοίνωσαν την κατασκευήν νέου μηχανήματος επισημάνσεως υποβρυχίων μεγάλης ακτίνος δράσεως.

Μεγάλης ακτίνος δράσεως
ΑΓΓΛΟΙ ΤΕΧΝΙΚΟΙ ΚΑΤΕΣΚΕΥΑΣΑΝ ΗΛΕΚΤΡΟΝΙΚΟΝ ΜΗΧΑΝΗΜΑ ΕΠΙΣΗΜΑΝΣΕΩΣ ΤΩΝ ΥΠΟΒΡΥΧΙΩΝ
Συντόμως αρχίζει η μαζική κατασκευή των διά το ΝΑΤΟ

ΛΟΝΔΙΝΟΝ, 2 (Ασσοσ. Πρές). — Τα εργοστάσια ηλεκτρονικών μηχανημάτων της Μεγάλης Βρεταννίας ανεκοίνωσαν την κατασκευήν νέου μηχανήματος επισημάνσεως υποβρυχίων μεγάλης ακτίνος δράσεως.

ΛΟΝΔΙΝΟΝ, 2 (Ασσοσ. Πρές). — Τα εργοστάσια ηλεκτρονικών μηχανημάτων της Μεγάλης Βρεταννίας ανεκοίνωσαν την κατασκευήν νέου μηχανήματος επισημάνσεως υποβρυχίων μεγάλης ακτίνος δράσεως.

ΕΔΟΚΙΜΑΣΘΗ ΤΟ «ΡΟΜΠΕΡΤ ΑΗ»

ΛΟΝΔΙΝΟΝ, 2 (Ασσοσ. Πρές). — Τα εργοστάσια ηλεκτρονικών μηχανημάτων της Μεγάλης Βρεταννίας ανεκοίνωσαν την κατασκευήν νέου μηχανήματος επισημάνσεως υποβρυχίων μεγάλης ακτίνος δράσεως.

ΛΟΝΔΙΝΟΝ, 2 (Ασσοσ. Πρές). — Τα εργοστάσια ηλεκτρονικών μηχανημάτων της Μεγάλης Βρεταννίας ανεκοίνωσαν την κατασκευήν νέου μηχανήματος επισημάνσεως υποβρυχίων μεγάλης ακτίνος δράσεως.

ΠΡΟΣ ΤΙΜΗΝ ΤΟΥ ΑΑΦΛΙΓΕΤ

ΛΟΝΔΙΝΟΝ, 2 (Ασσοσ. Πρές). — Τα εργοστάσια ηλεκτρονικών μηχανημάτων της Μεγάλης Βρεταννίας ανεκοίνωσαν την κατασκευήν νέου μηχανήματος επισημάνσεως υποβρυχίων μεγάλης ακτίνος δράσεως.
